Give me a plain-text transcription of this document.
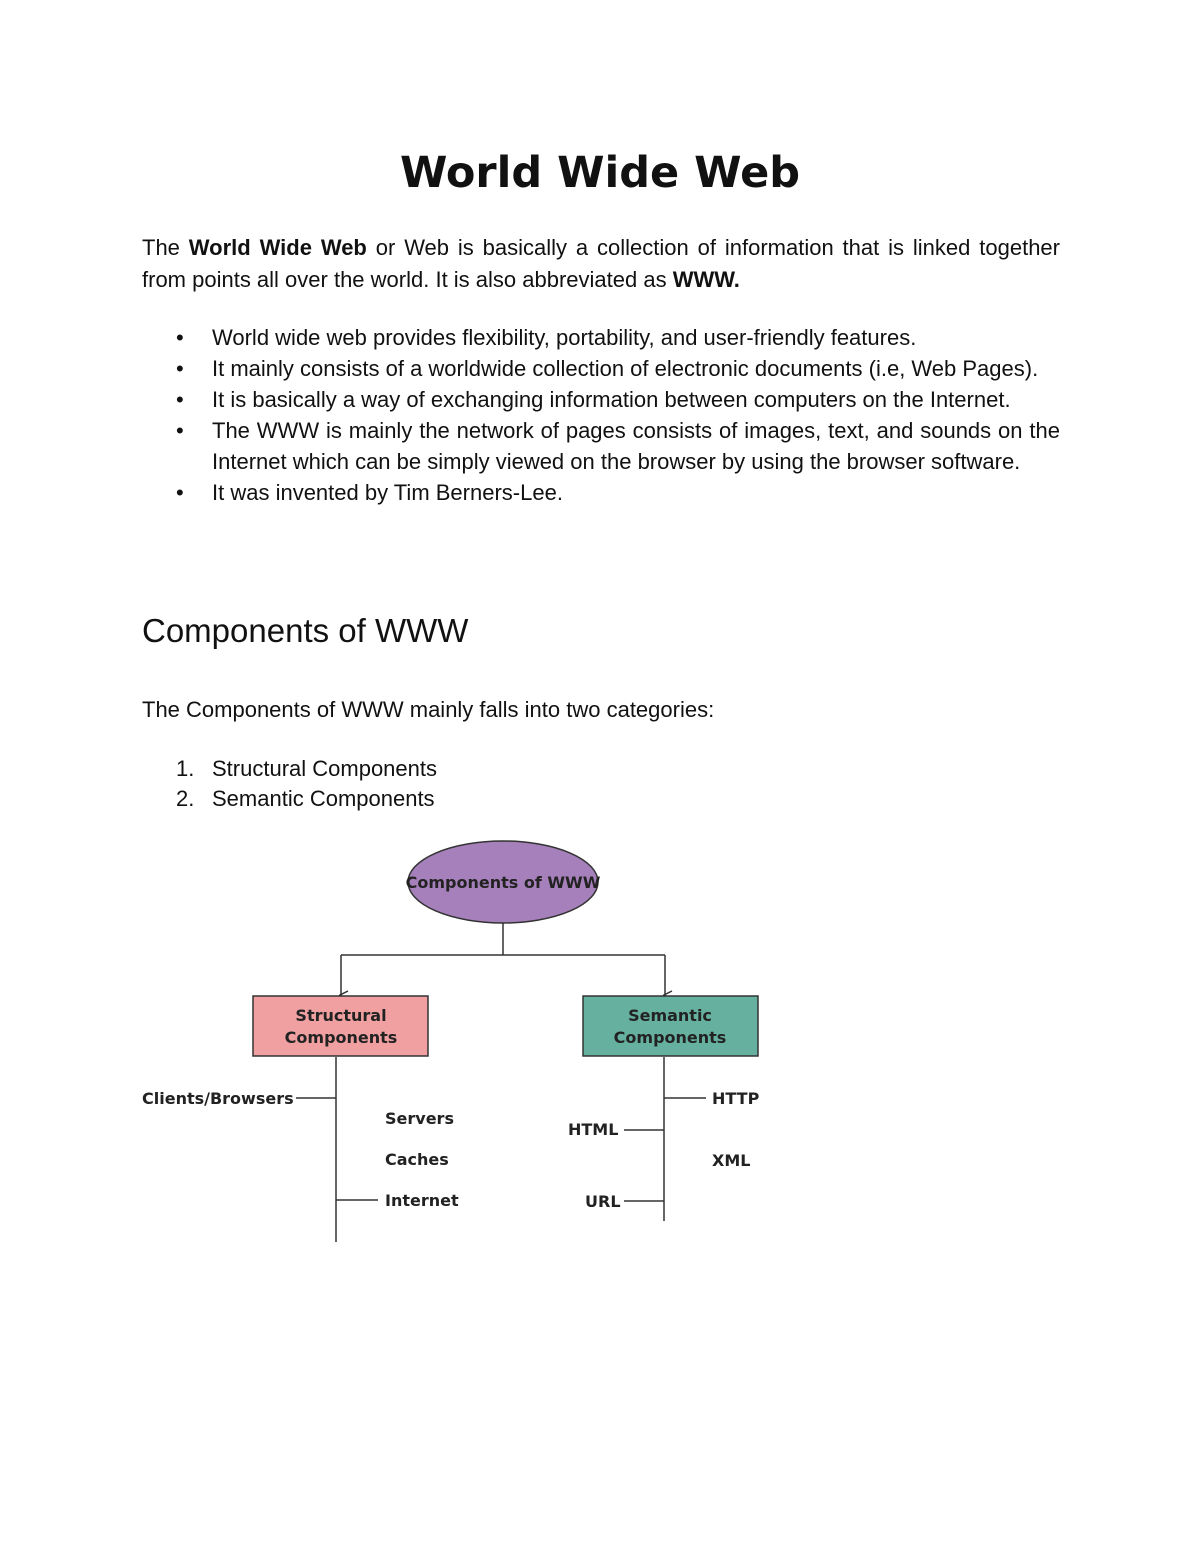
World Wide Web

The World Wide Web or Web is basically a collection of information that is linked together from points all over the world. It is also abbreviated as WWW.

• World wide web provides flexibility, portability, and user-friendly features.
• It mainly consists of a worldwide collection of electronic documents (i.e, Web Pages).
• It is basically a way of exchanging information between computers on the Internet.
• The WWW is mainly the network of pages consists of images, text, and sounds on the Internet which can be simply viewed on the browser by using the browser software.
• It was invented by Tim Berners-Lee.
Components of WWW

The Components of WWW mainly falls into two categories:

1. Structural Components
2. Semantic Components
Components of WWW
Structural
Components
Semantic
Components
Clients/Browsers
Servers
Caches
Internet
HTTP
HTML
XML
URL
